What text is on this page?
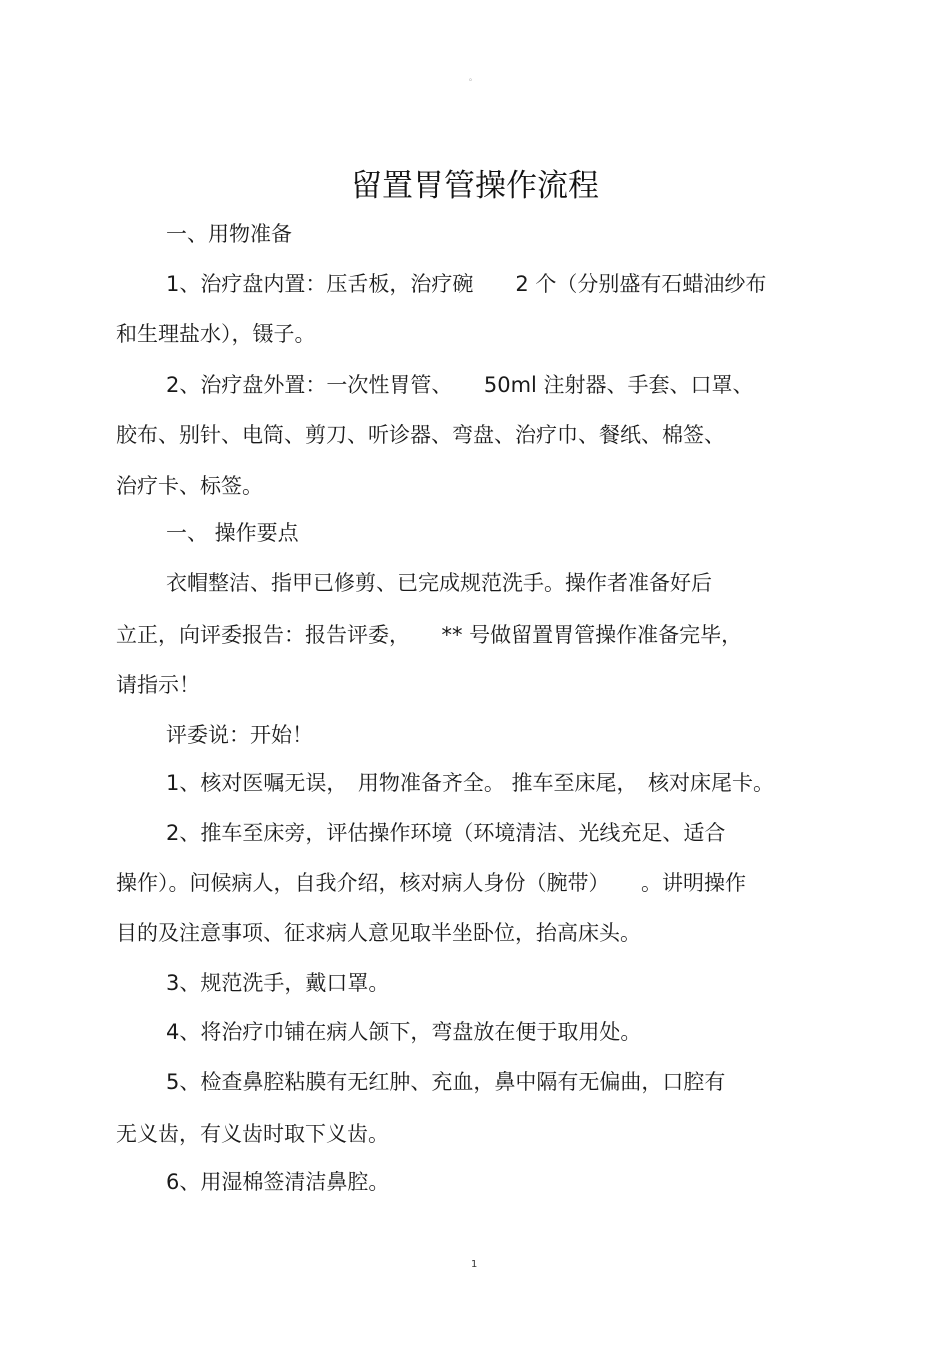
。
留置胃管操作流程
一、用物准备
1、治疗盘内置：压舌板，治疗碗　　2 个（分别盛有石蜡油纱布
和生理盐水），镊子。
2、治疗盘外置：一次性胃管、　　50ml 注射器、手套、口罩、
胶布、别针、电筒、剪刀、听诊器、弯盘、治疗巾、餐纸、棉签、
治疗卡、标签。
一、 操作要点
衣帽整洁、指甲已修剪、已完成规范洗手。操作者准备好后
立正，向评委报告：报告评委，　　** 号做留置胃管操作准备完毕，
请指示！
评委说：开始！
1、核对医嘱无误，　用物准备齐全。 推车至床尾，　核对床尾卡。
2、推车至床旁，评估操作环境（环境清洁、光线充足、适合
操作）。问候病人，自我介绍，核对病人身份（腕带）　　。讲明操作
目的及注意事项、征求病人意见取半坐卧位，抬高床头。
3、规范洗手，戴口罩。
4、将治疗巾铺在病人颌下，弯盘放在便于取用处。
5、检查鼻腔粘膜有无红肿、充血，鼻中隔有无偏曲，口腔有
无义齿，有义齿时取下义齿。
6、用湿棉签清洁鼻腔。
1
